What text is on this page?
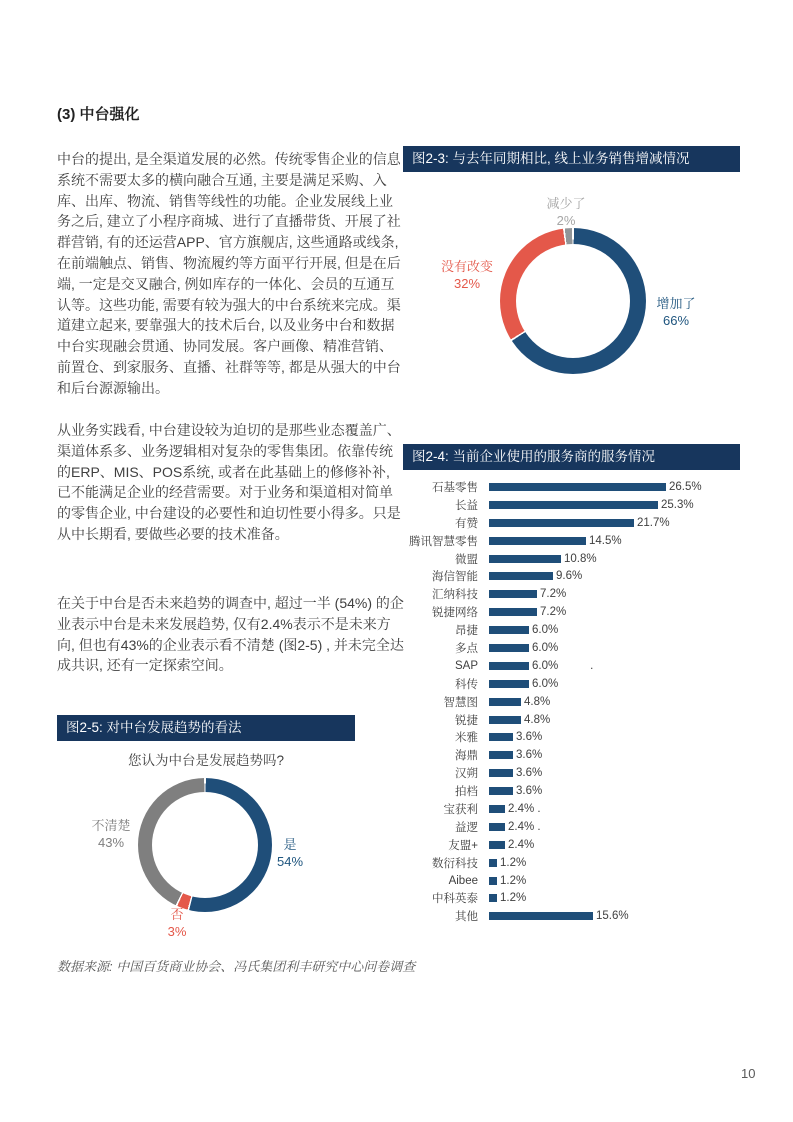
(3) 中台强化
中台的提出, 是全渠道发展的必然。传统零售企业的信息系统不需要太多的横向融合互通, 主要是满足采购、入库、出库、物流、销售等线性的功能。企业发展线上业务之后, 建立了小程序商城、进行了直播带货、开展了社群营销, 有的还运营APP、官方旗舰店, 这些通路或线条, 在前端触点、销售、物流履约等方面平行开展, 但是在后端, 一定是交叉融合, 例如库存的一体化、会员的互通互认等。这些功能, 需要有较为强大的中台系统来完成。渠道建立起来, 要靠强大的技术后台, 以及业务中台和数据中台实现融会贯通、协同发展。客户画像、精准营销、前置仓、到家服务、直播、社群等等, 都是从强大的中台和后台源源输出。
从业务实践看, 中台建设较为迫切的是那些业态覆盖广、渠道体系多、业务逻辑相对复杂的零售集团。依靠传统的ERP、MIS、POS系统, 或者在此基础上的修修补补, 已不能满足企业的经营需要。对于业务和渠道相对简单的零售企业, 中台建设的必要性和迫切性要小得多。只是从中长期看, 要做些必要的技术准备。
在关于中台是否未来趋势的调查中, 超过一半 (54%) 的企业表示中台是未来发展趋势, 仅有2.4%表示不是未来方向, 但也有43%的企业表示看不清楚 (图2-5) , 并未完全达成共识, 还有一定探索空间。
图2-3: 与去年同期相比, 线上业务销售增减情况
减少了
2%
没有改变
32%
增加了
66%
图2-4: 当前企业使用的服务商的服务情况
石基零售	26.5%
长益	25.3%
有赞	21.7%
腾讯智慧零售	14.5%
微盟	10.8%
海信智能	9.6%
汇纳科技	7.2%
锐捷网络	7.2%
昂捷	6.0%
多点	6.0%
SAP	6.0%          .
科传	6.0%
智慧图	4.8%
锐捷	4.8%
米雅	3.6%
海鼎	3.6%
汉朔	3.6%
拍档	3.6%
宝获利	2.4% .
益逻	2.4% .
友盟+	2.4%
数衍科技 1.2%
Aibee 1.2%
中科英泰 1.2%
其他	15.6%
图2-5: 对中台发展趋势的看法
您认为中台是发展趋势吗?
不清楚
43%	是
54%
否
3%
数据来源: 中国百货商业协会、冯氏集团利丰研究中心问卷调查
10
